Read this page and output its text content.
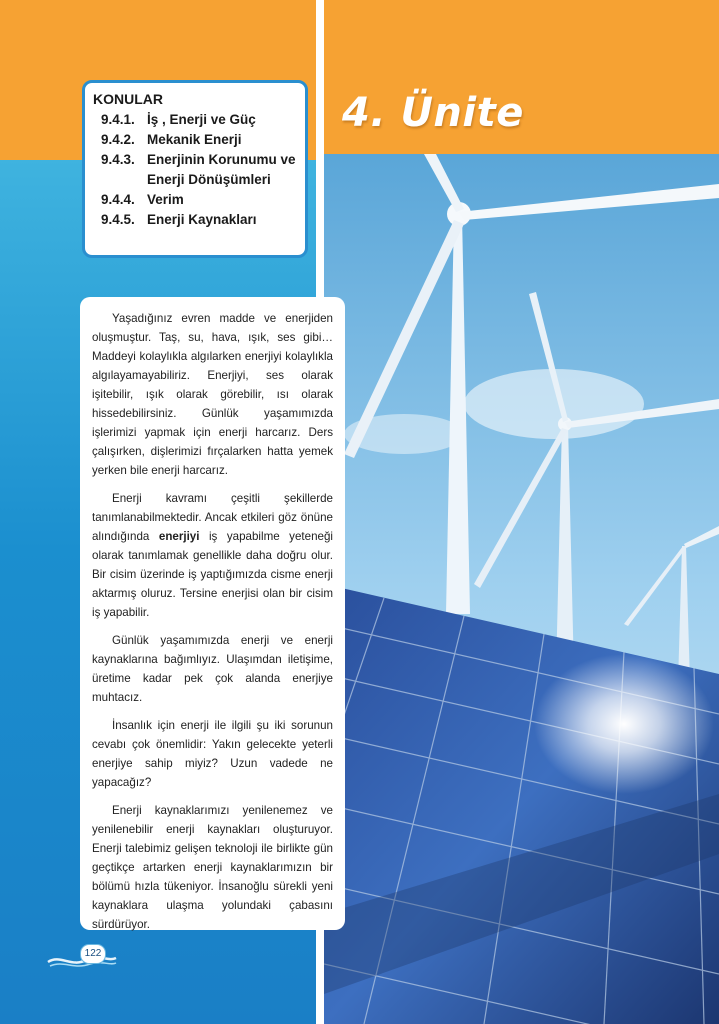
4. Ünite
KONULAR
9.4.1. İş , Enerji ve Güç
9.4.2. Mekanik Enerji
9.4.3. Enerjinin Korunumu ve Enerji Dönüşümleri
9.4.4. Verim
9.4.5. Enerji Kaynakları

Yaşadığınız evren madde ve enerjiden oluşmuştur. Taş, su, hava, ışık, ses gibi… Maddeyi kolaylıkla algılarken enerjiyi kolaylıkla algılayamayabiliriz. Enerjiyi, ses olarak işitebilir, ışık olarak görebilir, ısı olarak hissedebilirsiniz. Günlük yaşamımızda işlerimizi yapmak için enerji harcarız. Ders çalışırken, dişlerimizi fırçalarken hatta yemek yerken bile enerji harcarız.

Enerji kavramı çeşitli şekillerde tanımlanabilmektedir. Ancak etkileri göz önüne alındığında enerjiyi iş yapabilme yeteneği olarak tanımlamak genellikle daha doğru olur. Bir cisim üzerinde iş yaptığımızda cisme enerji aktarmış oluruz. Tersine enerjisi olan bir cisim iş yapabilir.

Günlük yaşamımızda enerji ve enerji kaynaklarına bağımlıyız. Ulaşımdan iletişime, üretime kadar pek çok alanda enerjiye muhtacız.

İnsanlık için enerji ile ilgili şu iki sorunun cevabı çok önemlidir: Yakın gelecekte yeterli enerjiye sahip miyiz? Uzun vadede ne yapacağız?

Enerji kaynaklarımızı yenilenemez ve yenilenebilir enerji kaynakları oluşturuyor. Enerji talebimiz gelişen teknoloji ile birlikte gün geçtikçe artarken enerji kaynaklarımızın bir bölümü hızla tükeniyor. İnsanoğlu sürekli yeni kaynaklara ulaşma yolundaki çabasını sürdürüyor.

122
